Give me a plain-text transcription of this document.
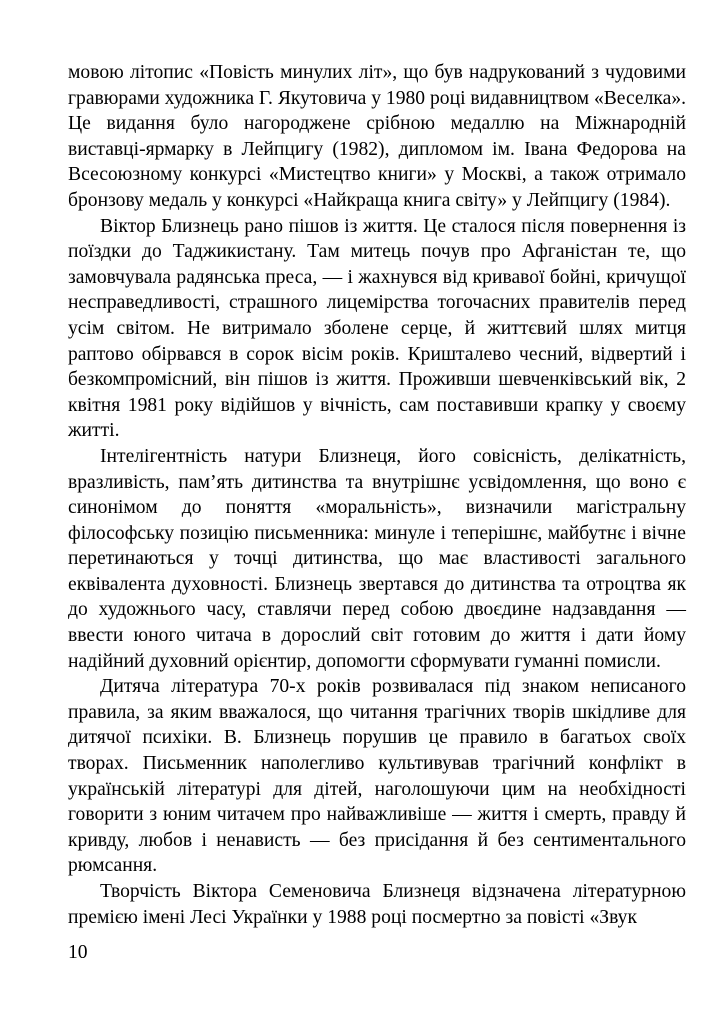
мовою літопис «Повість минулих літ», що був надрукований з чудовими гравюрами художника Г. Якутовича у 1980 році видавництвом «Веселка». Це видання було нагороджене срібною медаллю на Міжнародній виставці-ярмарку в Лейпцигу (1982), дипломом ім. Івана Федорова на Всесоюзному конкурсі «Мистецтво книги» у Москві, а також отримало бронзову медаль у конкурсі «Найкраща книга світу» у Лейпцигу (1984).

Віктор Близнець рано пішов із життя. Це сталося після повернення із поїздки до Таджикистану. Там митець почув про Афганістан те, що замовчувала радянська преса, — і жахнувся від кривавої бойні, кричущої несправедливості, страшного лицемірства тогочасних правителів перед усім світом. Не витримало зболене серце, й життєвий шлях митця раптово обірвався в сорок вісім років. Кришталево чесний, відвертий і безкомпромісний, він пішов із життя. Проживши шевченківський вік, 2 квітня 1981 року відійшов у вічність, сам поставивши крапку у своєму житті.

Інтелігентність натури Близнеця, його совісність, делікатність, вразливість, пам’ять дитинства та внутрішнє усвідомлення, що воно є синонімом до поняття «моральність», визначили магістральну філософську позицію письменника: минуле і теперішнє, майбутнє і вічне перетинаються у точці дитинства, що має властивості загального еквівалента духовності. Близнець звертався до дитинства та отроцтва як до художнього часу, ставлячи перед собою двоєдине надзавдання — ввести юного читача в дорослий світ готовим до життя і дати йому надійний духовний орієнтир, допомогти сформувати гуманні помисли.

Дитяча література 70-х років розвивалася під знаком неписаного правила, за яким вважалося, що читання трагічних творів шкідливе для дитячої психіки. В. Близнець порушив це правило в багатьох своїх творах. Письменник наполегливо культивував трагічний конфлікт в українській літературі для дітей, наголошуючи цим на необхідності говорити з юним читачем про найважливіше — життя і смерть, правду й кривду, любов і ненависть — без присідання й без сентиментального рюмсання.

Творчість Віктора Семеновича Близнеця відзначена літературною премією імені Лесі Українки у 1988 році посмертно за повісті «Звук

10
